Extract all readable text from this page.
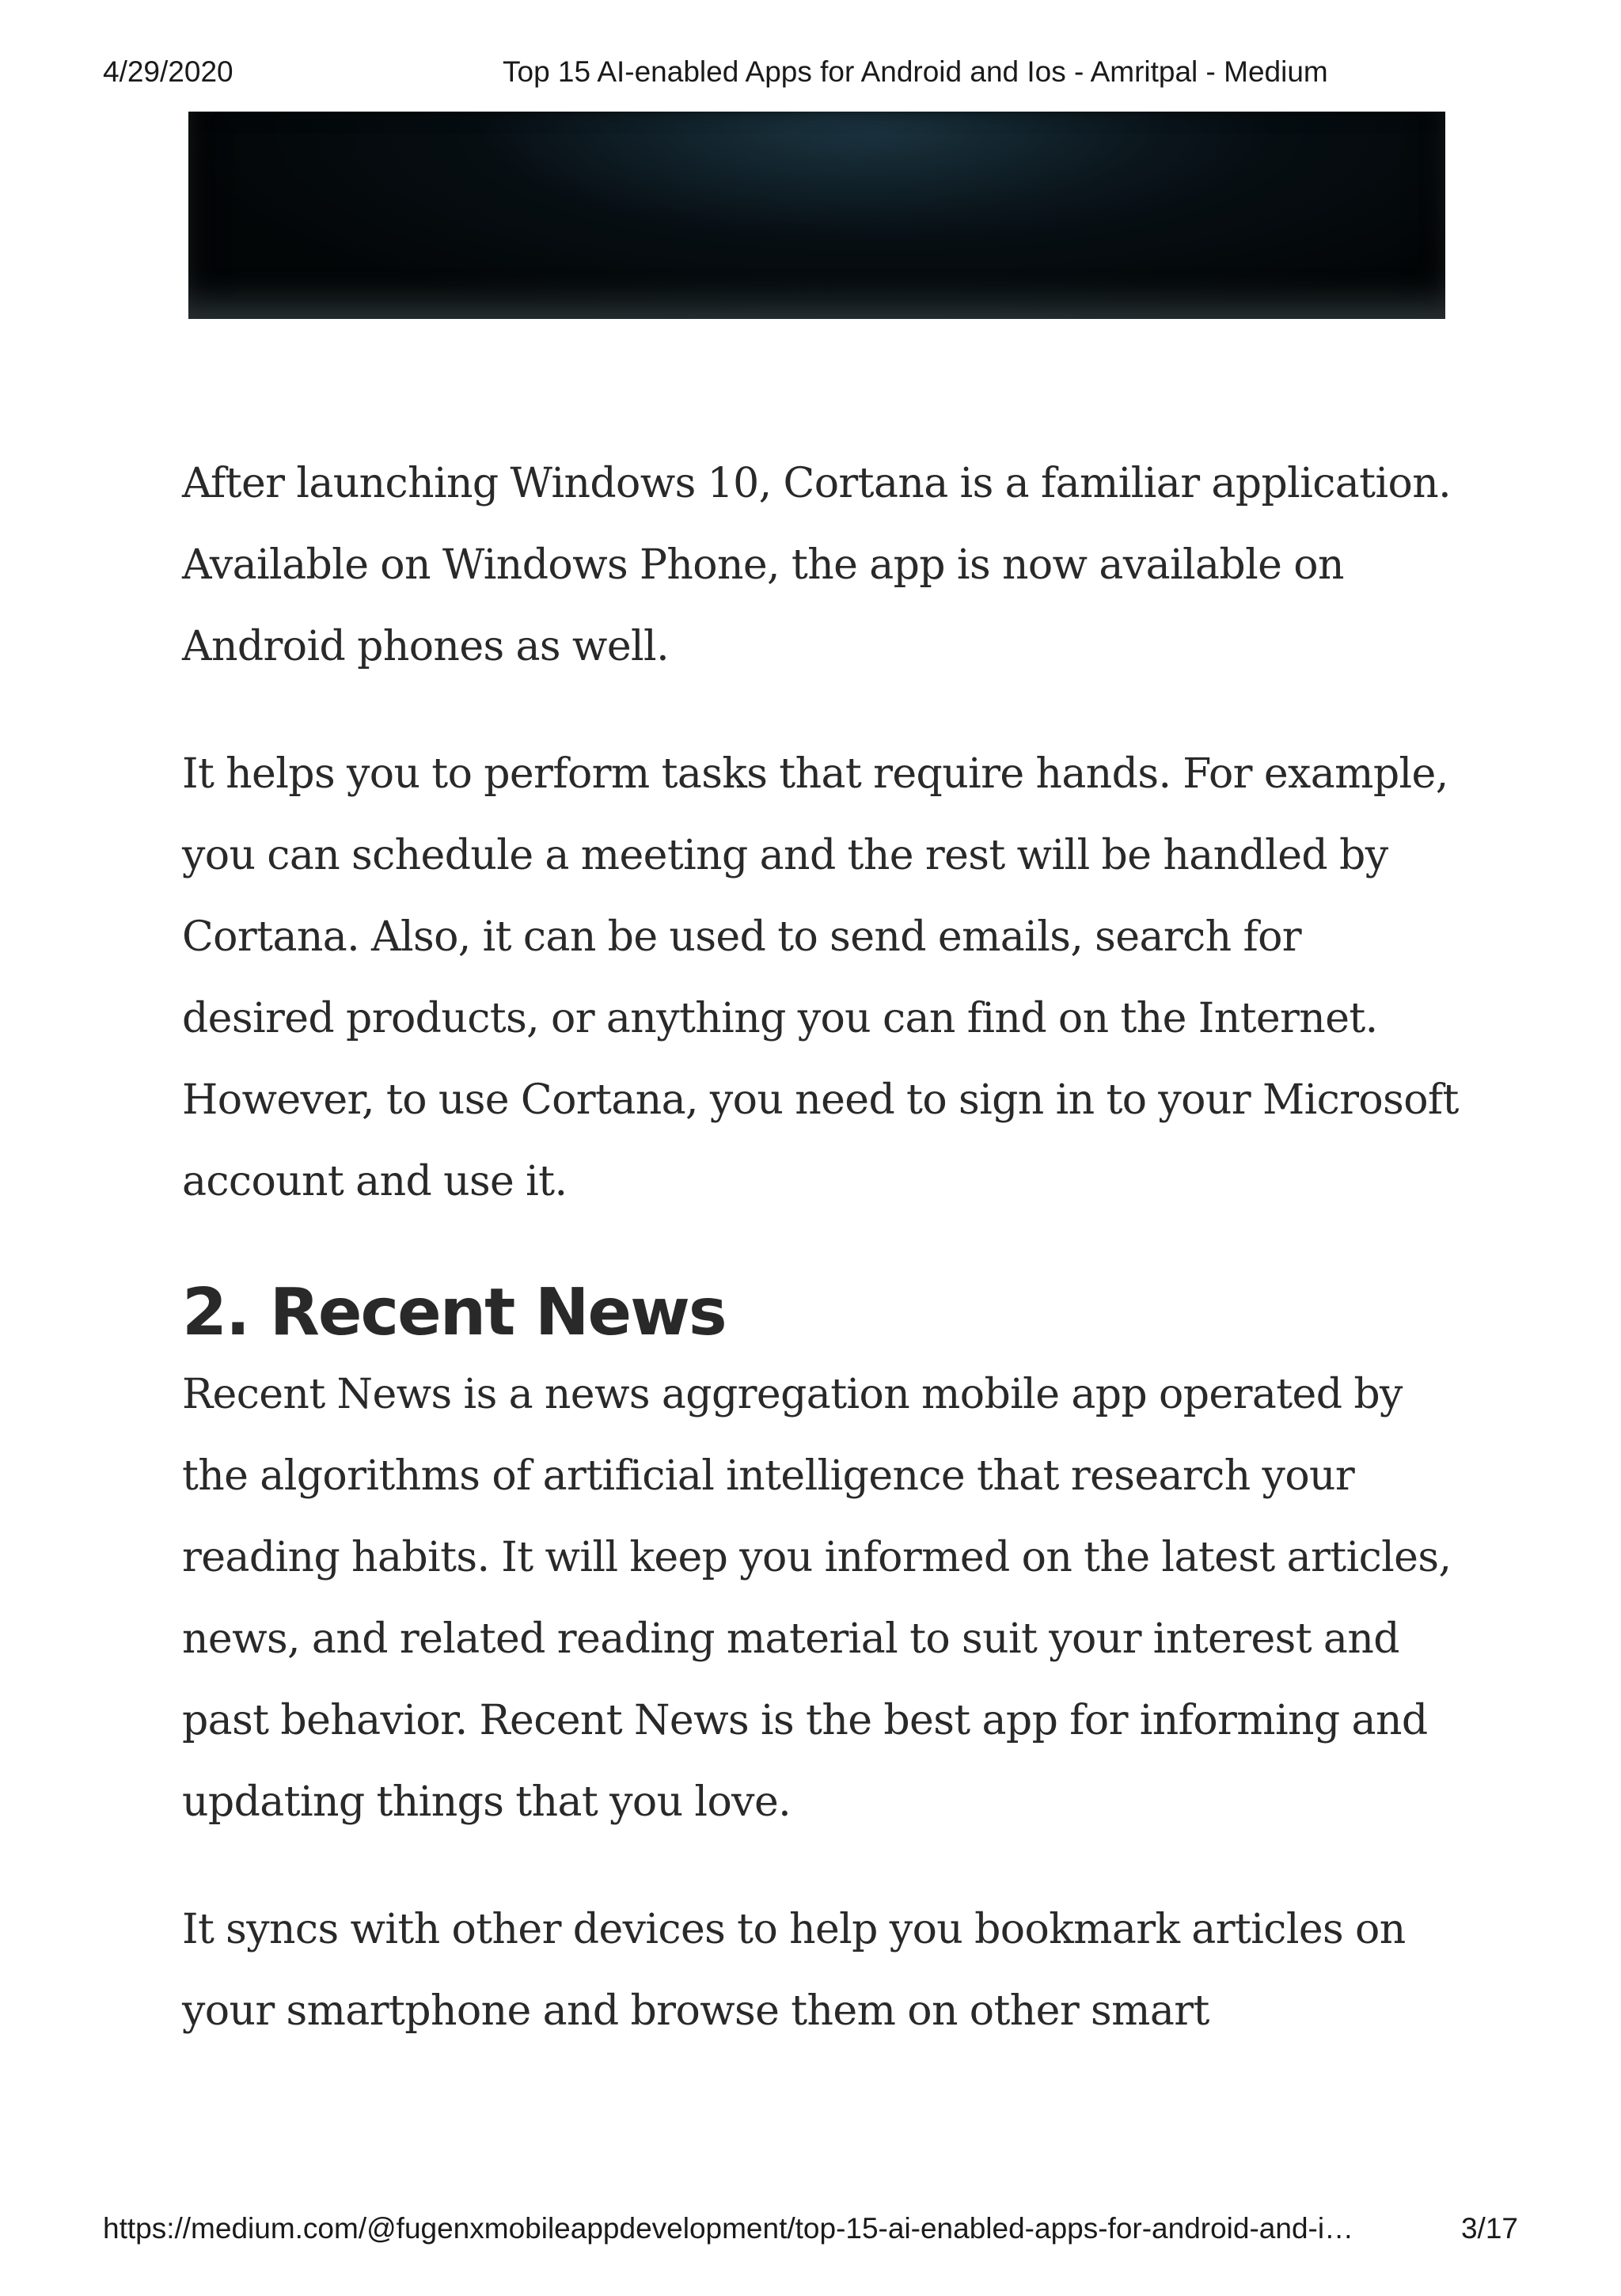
4/29/2020	Top 15 AI-enabled Apps for Android and Ios - Amritpal - Medium

After launching Windows 10, Cortana is a familiar application. Available on Windows Phone, the app is now available on Android phones as well.

It helps you to perform tasks that require hands. For example, you can schedule a meeting and the rest will be handled by Cortana. Also, it can be used to send emails, search for desired products, or anything you can find on the Internet. However, to use Cortana, you need to sign in to your Microsoft account and use it.

2. Recent News

Recent News is a news aggregation mobile app operated by the algorithms of artificial intelligence that research your reading habits. It will keep you informed on the latest articles, news, and related reading material to suit your interest and past behavior. Recent News is the best app for informing and updating things that you love.

It syncs with other devices to help you bookmark articles on your smartphone and browse them on other smart

https://medium.com/@fugenxmobileappdevelopment/top-15-ai-enabled-apps-for-android-and-i…	3/17
